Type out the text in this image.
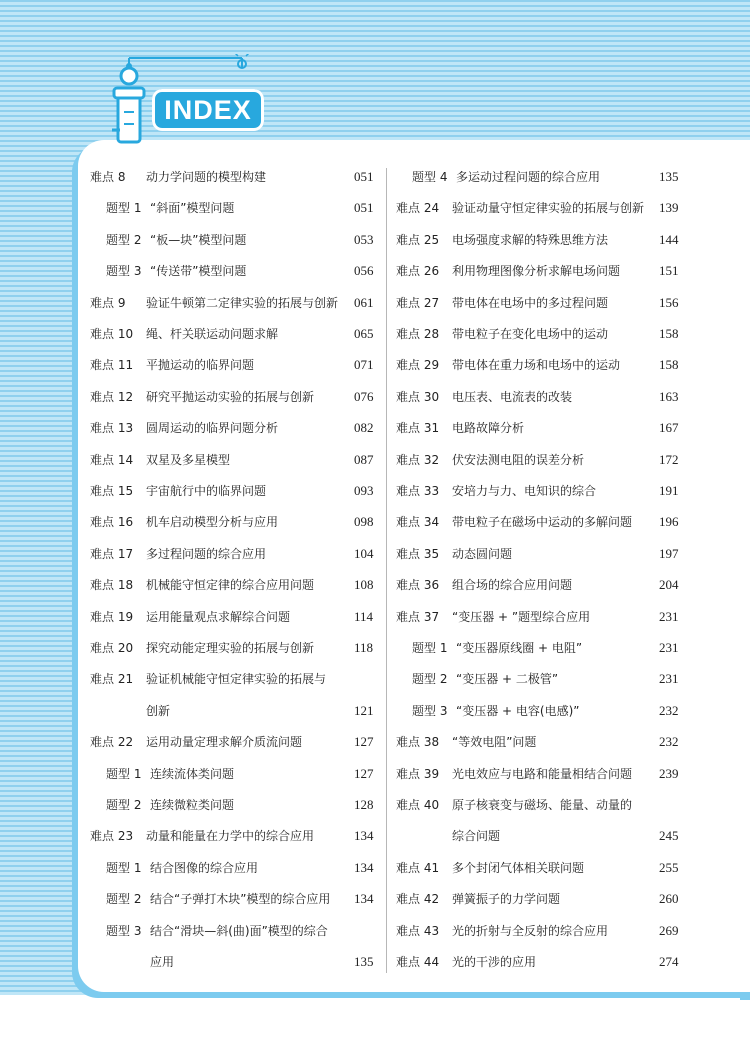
INDEX
难点 8 动力学问题的模型构建	051
题型 1 “斜面”模型问题	051
题型 2 “板—块”模型问题	053
题型 3 “传送带”模型问题	056
难点 9 验证牛顿第二定律实验的拓展与创新 061
难点 10 绳、杆关联运动问题求解	065
难点 11 平抛运动的临界问题	071
难点 12 研究平抛运动实验的拓展与创新	076
难点 13 圆周运动的临界问题分析	082
难点 14 双星及多星模型	087
难点 15 宇宙航行中的临界问题	093
难点 16 机车启动模型分析与应用	098
难点 17 多过程问题的综合应用	104
难点 18 机械能守恒定律的综合应用问题	108
难点 19 运用能量观点求解综合问题	114
难点 20 探究动能定理实验的拓展与创新	118
难点 21 验证机械能守恒定律实验的拓展与
创新	121
难点 22 运用动量定理求解介质流问题	127
题型 1 连续流体类问题	127
题型 2 连续微粒类问题	128
难点 23 动量和能量在力学中的综合应用	134
题型 1 结合图像的综合应用	134
题型 2 结合“子弹打木块”模型的综合应用 134
题型 3 结合“滑块—斜(曲)面”模型的综合
应用	135
题型 4 多运动过程问题的综合应用	135
难点 24 验证动量守恒定律实验的拓展与创新 139
难点 25 电场强度求解的特殊思维方法	144
难点 26 利用物理图像分析求解电场问题	151
难点 27 带电体在电场中的多过程问题	156
难点 28 带电粒子在变化电场中的运动	158
难点 29 带电体在重力场和电场中的运动	158
难点 30 电压表、电流表的改装	163
难点 31 电路故障分析	167
难点 32 伏安法测电阻的误差分析	172
难点 33 安培力与力、电知识的综合	191
难点 34 带电粒子在磁场中运动的多解问题 196
难点 35 动态圆问题	197
难点 36 组合场的综合应用问题	204
难点 37 “变压器 + ”题型综合应用	231
题型 1 “变压器原线圈 + 电阻”	231
题型 2 “变压器 + 二极管”	231
题型 3 “变压器 + 电容(电感)”	232
难点 38 “等效电阻”问题	232
难点 39 光电效应与电路和能量相结合问题 239
难点 40 原子核衰变与磁场、能量、动量的
综合问题	245
难点 41 多个封闭气体相关联问题	255
难点 42 弹簧振子的力学问题	260
难点 43 光的折射与全反射的综合应用	269
难点 44 光的干涉的应用	274
